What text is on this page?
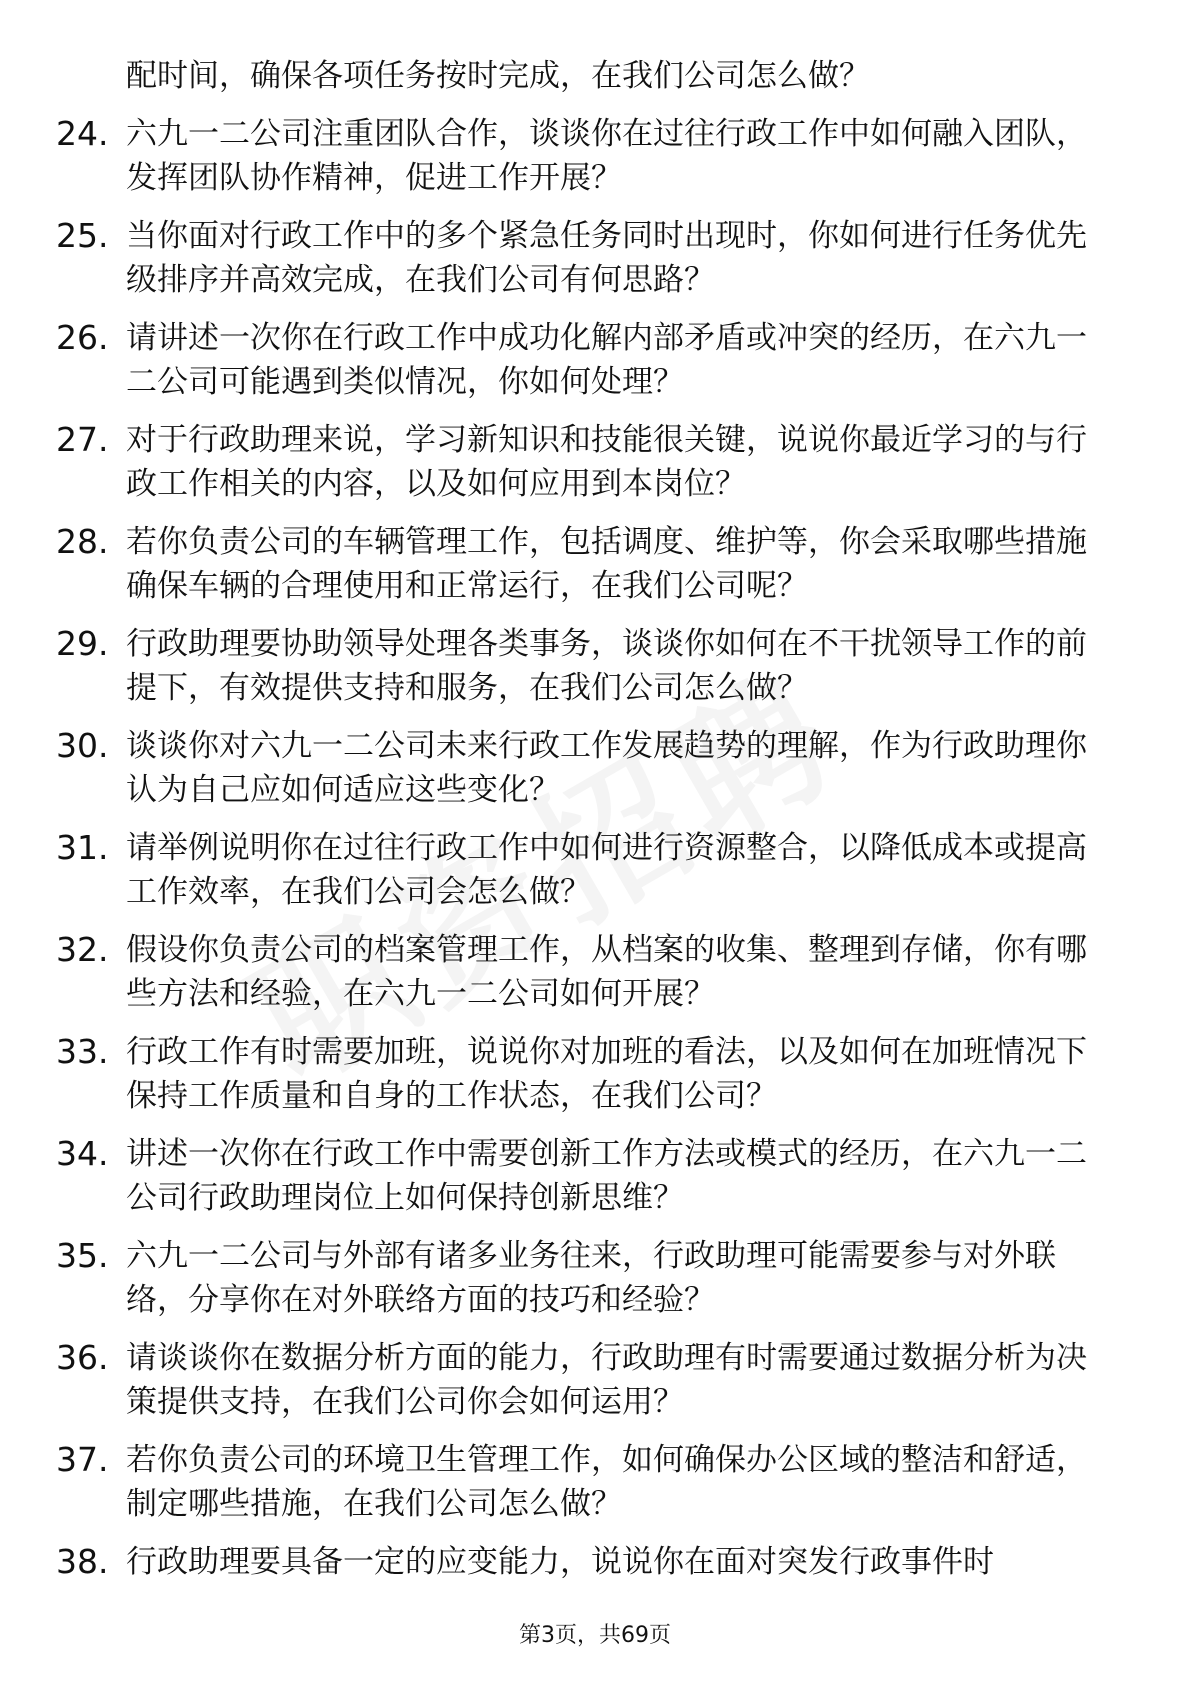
配时间，确保各项任务按时完成，在我们公司怎么做？
24. 六九一二公司注重团队合作，谈谈你在过往行政工作中如何融入团队，发挥团队协作精神，促进工作开展？
25. 当你面对行政工作中的多个紧急任务同时出现时，你如何进行任务优先级排序并高效完成，在我们公司有何思路？
26. 请讲述一次你在行政工作中成功化解内部矛盾或冲突的经历，在六九一二公司可能遇到类似情况，你如何处理？
27. 对于行政助理来说，学习新知识和技能很关键，说说你最近学习的与行政工作相关的内容，以及如何应用到本岗位？
28. 若你负责公司的车辆管理工作，包括调度、维护等，你会采取哪些措施确保车辆的合理使用和正常运行，在我们公司呢？
29. 行政助理要协助领导处理各类事务，谈谈你如何在不干扰领导工作的前提下，有效提供支持和服务，在我们公司怎么做？
30. 谈谈你对六九一二公司未来行政工作发展趋势的理解，作为行政助理你认为自己应如何适应这些变化？
31. 请举例说明你在过往行政工作中如何进行资源整合，以降低成本或提高工作效率，在我们公司会怎么做？
32. 假设你负责公司的档案管理工作，从档案的收集、整理到存储，你有哪些方法和经验，在六九一二公司如何开展？
33. 行政工作有时需要加班，说说你对加班的看法，以及如何在加班情况下保持工作质量和自身的工作状态，在我们公司？
34. 讲述一次你在行政工作中需要创新工作方法或模式的经历，在六九一二公司行政助理岗位上如何保持创新思维？
35. 六九一二公司与外部有诸多业务往来，行政助理可能需要参与对外联络，分享你在对外联络方面的技巧和经验？
36. 请谈谈你在数据分析方面的能力，行政助理有时需要通过数据分析为决策提供支持，在我们公司你会如何运用？
37. 若你负责公司的环境卫生管理工作，如何确保办公区域的整洁和舒适，制定哪些措施，在我们公司怎么做？
38. 行政助理要具备一定的应变能力，说说你在面对突发行政事件时
第3页，共69页
